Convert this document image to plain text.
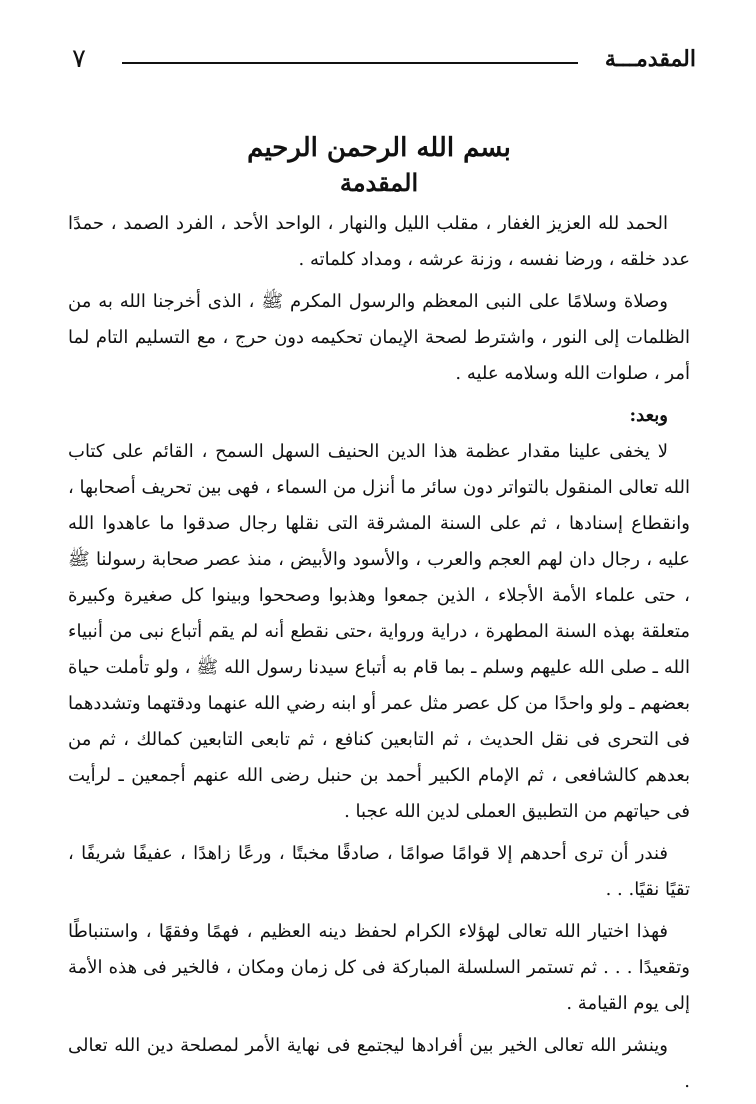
المقدمـــة
٧

بسم الله الرحمن الرحيم

المقدمة

الحمد لله العزيز الغفار ، مقلب الليل والنهار ، الواحد الأحد ، الفرد الصمد ، حمدًا عدد خلقه ، ورضا نفسه ، وزنة عرشه ، ومداد كلماته .

وصلاة وسلامًا على النبى المعظم والرسول المكرم ﷺ ، الذى أخرجنا الله به من الظلمات إلى النور ، واشترط لصحة الإيمان تحكيمه دون حرج ، مع التسليم التام لما أمر ، صلوات الله وسلامه عليه .

وبعد:

لا يخفى علينا مقدار عظمة هذا الدين الحنيف السهل السمح ، القائم على كتاب الله تعالى المنقول بالتواتر دون سائر ما أنزل من السماء ، فهى بين تحريف أصحابها ، وانقطاع إسنادها ، ثم على السنة المشرقة التى نقلها رجال صدقوا ما عاهدوا الله عليه ، رجال دان لهم العجم والعرب ، والأسود والأبيض ، منذ عصر صحابة رسولنا ﷺ ، حتى علماء الأمة الأجلاء ، الذين جمعوا وهذبوا وصححوا وبينوا كل صغيرة وكبيرة متعلقة بهذه السنة المطهرة ، دراية ورواية ،حتى نقطع أنه لم يقم أتباع نبى من أنبياء الله ـ صلى الله عليهم وسلم ـ بما قام به أتباع سيدنا رسول الله ﷺ ، ولو تأملت حياة بعضهم ـ ولو واحدًا من كل عصر مثل عمر أو ابنه رضي الله عنهما ودقتهما وتشددهما فى التحرى فى نقل الحديث ، ثم التابعين كنافع ، ثم تابعى التابعين كمالك ، ثم من بعدهم كالشافعى ، ثم الإمام الكبير أحمد بن حنبل رضى الله عنهم أجمعين ـ لرأيت فى حياتهم من التطبيق العملى لدين الله عجبا .

فندر أن ترى أحدهم إلا قوامًا صوامًا ، صادقًا مخبتًا ، ورعًا زاهدًا ، عفيفًا شريفًا ، تقيًا نقيًا. . .

فهذا اختيار الله تعالى لهؤلاء الكرام لحفظ دينه العظيم ، فهمًا وفقهًا ، واستنباطًا وتقعيدًا . . . ثم تستمر السلسلة المباركة فى كل زمان ومكان ، فالخير فى هذه الأمة إلى يوم القيامة .

وينشر الله تعالى الخير بين أفرادها ليجتمع فى نهاية الأمر لمصلحة دين الله تعالى .
